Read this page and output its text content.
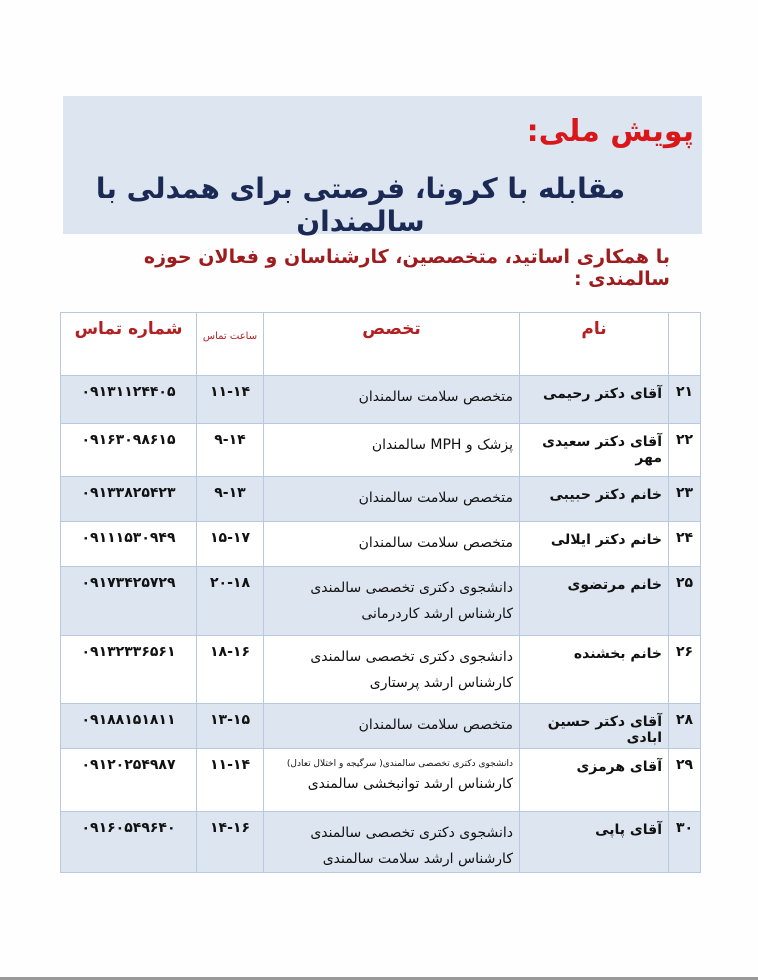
پویش ملی:
مقابله با کرونا، فرصتی برای همدلی با سالمندان
با همکاری اساتید، متخصصین، کارشناسان و فعالان حوزه سالمندی :
	نام	تخصص	ساعت تماس	شماره تماس
۲۱	آقای دکتر رحیمی	متخصص سلامت سالمندان	۱۱-۱۴	۰۹۱۳۱۱۲۴۴۰۵
۲۲	آقای دکتر سعیدی مهر	پزشک و MPH سالمندان	۹-۱۴	۰۹۱۶۳۰۹۸۶۱۵
۲۳	خانم دکتر حبیبی	متخصص سلامت سالمندان	۹-۱۳	۰۹۱۳۳۸۲۵۴۲۳
۲۴	خانم دکتر ایلالی	متخصص سلامت سالمندان	۱۵-۱۷	۰۹۱۱۱۵۳۰۹۴۹
۲۵	خانم مرتضوی	دانشجوی دکتری تخصصی سالمندی
کارشناس ارشد کاردرمانی	۲۰-۱۸	۰۹۱۷۳۴۲۵۷۲۹
۲۶	خانم بخشنده	دانشجوی دکتری تخصصی سالمندی
کارشناس ارشد پرستاری	۱۸-۱۶	۰۹۱۳۲۳۳۶۵۶۱
۲۸	آقای دکتر حسین ابادی	متخصص سلامت سالمندان	۱۳-۱۵	۰۹۱۸۸۱۵۱۸۱۱
۲۹	آقای هرمزی	دانشجوی دکتری تخصصی سالمندی( سرگیجه و اختلال تعادل)
کارشناس ارشد توانبخشی سالمندی	۱۱-۱۴	۰۹۱۲۰۲۵۴۹۸۷
۳۰	آقای پاپی	دانشجوی دکتری تخصصی سالمندی
کارشناس ارشد سلامت سالمندی	۱۴-۱۶	۰۹۱۶۰۵۴۹۶۴۰
